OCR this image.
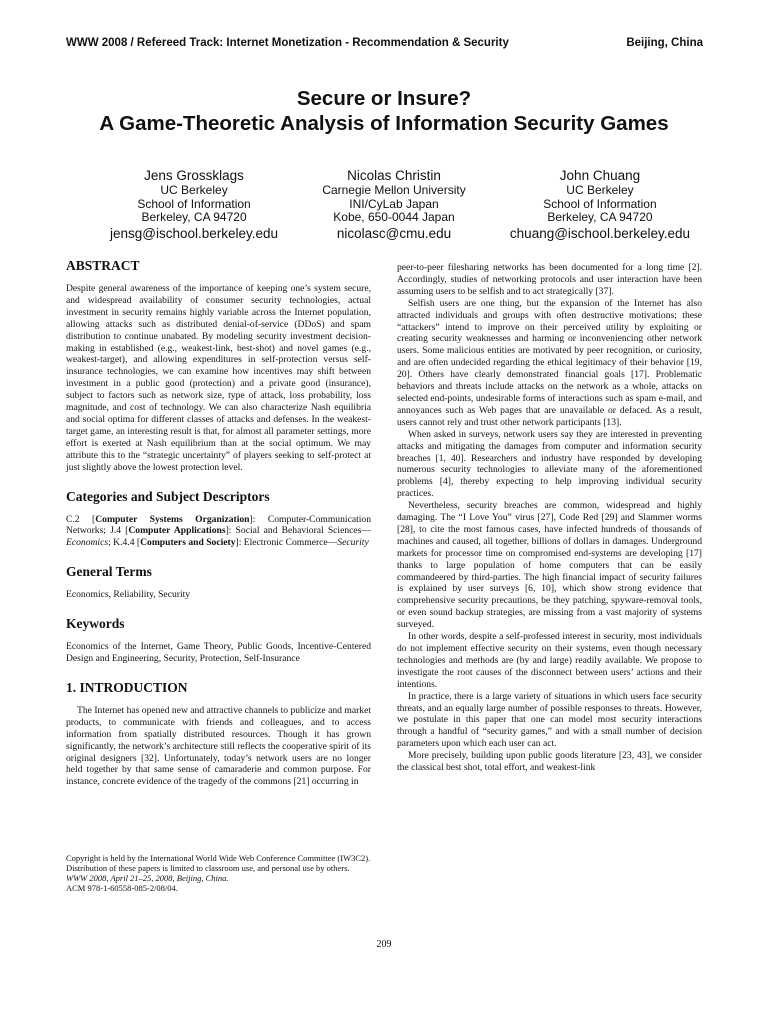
WWW 2008 / Refereed Track: Internet Monetization - Recommendation & Security	Beijing, China
Secure or Insure?
A Game-Theoretic Analysis of Information Security Games
Jens Grossklags
UC Berkeley
School of Information
Berkeley, CA 94720
jensg@ischool.berkeley.edu
Nicolas Christin
Carnegie Mellon University
INI/CyLab Japan
Kobe, 650-0044 Japan
nicolasc@cmu.edu
John Chuang
UC Berkeley
School of Information
Berkeley, CA 94720
chuang@ischool.berkeley.edu
ABSTRACT

Despite general awareness of the importance of keeping one’s system secure, and widespread availability of consumer security technologies, actual investment in security remains highly variable across the Internet population, allowing attacks such as distributed denial-of-service (DDoS) and spam distribution to continue unabated. By modeling security investment decision-making in established (e.g., weakest-link, best-shot) and novel games (e.g., weakest-target), and allowing expenditures in self-protection versus self-insurance technologies, we can examine how incentives may shift between investment in a public good (protection) and a private good (insurance), subject to factors such as network size, type of attack, loss probability, loss magnitude, and cost of technology. We can also characterize Nash equilibria and social optima for different classes of attacks and defenses. In the weakest-target game, an interesting result is that, for almost all parameter settings, more effort is exerted at Nash equilibrium than at the social optimum. We may attribute this to the “strategic uncertainty” of players seeking to self-protect at just slightly above the lowest protection level.

Categories and Subject Descriptors

C.2 [Computer Systems Organization]: Computer-Communication Networks; J.4 [Computer Applications]: Social and Behavioral Sciences—Economics; K.4.4 [Computers and Society]: Electronic Commerce—Security

General Terms

Economics, Reliability, Security

Keywords

Economics of the Internet, Game Theory, Public Goods, Incentive-Centered Design and Engineering, Security, Protection, Self-Insurance

1. INTRODUCTION

The Internet has opened new and attractive channels to publicize and market products, to communicate with friends and colleagues, and to access information from spatially distributed resources. Though it has grown significantly, the network’s architecture still reflects the cooperative spirit of its original designers [32]. Unfortunately, today’s network users are no longer held together by that same sense of camaraderie and common purpose. For instance, concrete evidence of the tragedy of the commons [21] occurring in

Copyright is held by the International World Wide Web Conference Committee (IW3C2). Distribution of these papers is limited to classroom use, and personal use by others.
WWW 2008, April 21–25, 2008, Beijing, China.
ACM 978-1-60558-085-2/08/04.

peer-to-peer filesharing networks has been documented for a long time [2]. Accordingly, studies of networking protocols and user interaction have been assuming users to be selfish and to act strategically [37].

Selfish users are one thing, but the expansion of the Internet has also attracted individuals and groups with often destructive motivations; these “attackers” intend to improve on their perceived utility by exploiting or creating security weaknesses and harming or inconveniencing other network users. Some malicious entities are motivated by peer recognition, or curiosity, and are often undecided regarding the ethical legitimacy of their behavior [19, 20]. Others have clearly demonstrated financial goals [17]. Problematic behaviors and threats include attacks on the network as a whole, attacks on selected end-points, undesirable forms of interactions such as spam e-mail, and annoyances such as Web pages that are unavailable or defaced. As a result, users cannot rely and trust other network participants [13].

When asked in surveys, network users say they are interested in preventing attacks and mitigating the damages from computer and information security breaches [1, 40]. Researchers and industry have responded by developing numerous security technologies to alleviate many of the aforementioned problems [4], thereby expecting to help improving individual security practices.

Nevertheless, security breaches are common, widespread and highly damaging. The “I Love You” virus [27], Code Red [29] and Slammer worms [28], to cite the most famous cases, have infected hundreds of thousands of machines and caused, all together, billions of dollars in damages. Underground markets for processor time on compromised end-systems are developing [17] thanks to large population of home computers that can be easily commandeered by third-parties. The high financial impact of security failures is explained by user surveys [6, 10], which show strong evidence that comprehensive security precautions, be they patching, spyware-removal tools, or even sound backup strategies, are missing from a vast majority of systems surveyed.

In other words, despite a self-professed interest in security, most individuals do not implement effective security on their systems, even though necessary technologies and methods are (by and large) readily available. We propose to investigate the root causes of the disconnect between users’ actions and their intentions.

In practice, there is a large variety of situations in which users face security threats, and an equally large number of possible responses to threats. However, we postulate in this paper that one can model most security interactions through a handful of “security games,” and with a small number of decision parameters upon which each user can act.

More precisely, building upon public goods literature [23, 43], we consider the classical best shot, total effort, and weakest-link

209
